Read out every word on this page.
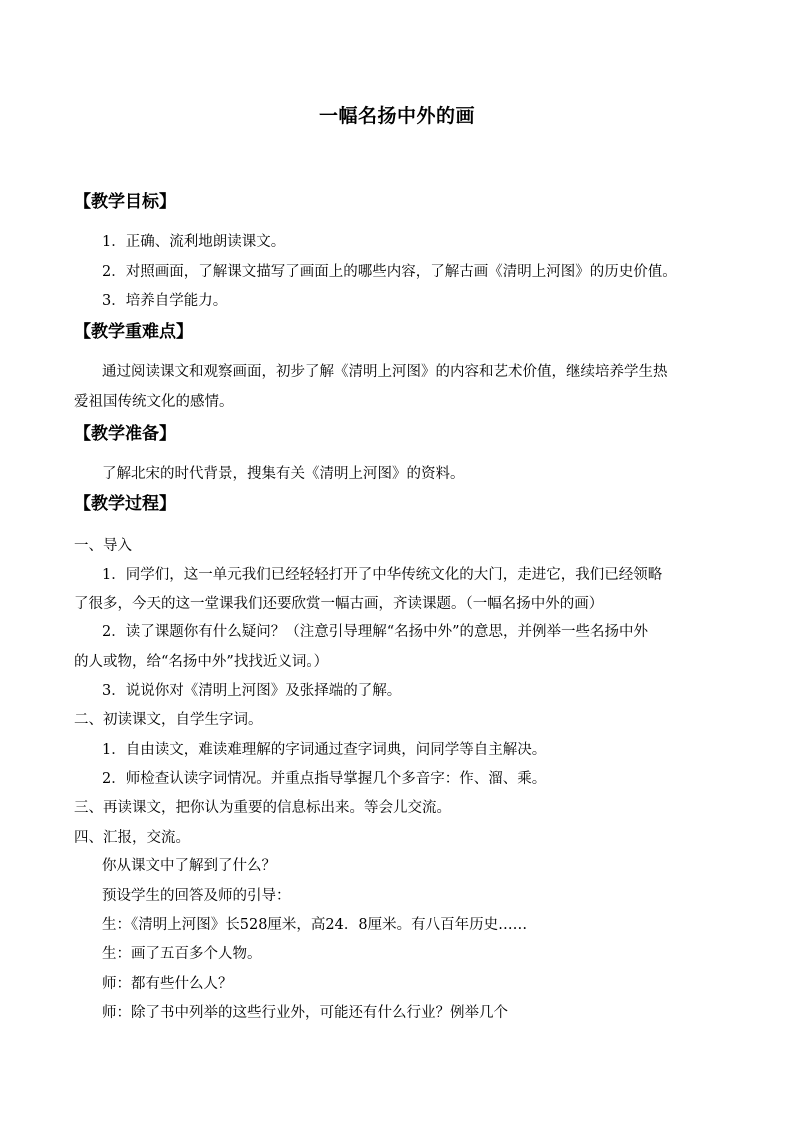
一幅名扬中外的画
【教学目标】
1．正确、流利地朗读课文。
2．对照画面，了解课文描写了画面上的哪些内容，了解古画《清明上河图》的历史价值。
3．培养自学能力。
【教学重难点】
通过阅读课文和观察画面，初步了解《清明上河图》的内容和艺术价值，继续培养学生热
爱祖国传统文化的感情。
【教学准备】
了解北宋的时代背景，搜集有关《清明上河图》的资料。
【教学过程】
一、导入
1．同学们，这一单元我们已经轻轻打开了中华传统文化的大门，走进它，我们已经领略
了很多，今天的这一堂课我们还要欣赏一幅古画，齐读课题。（一幅名扬中外的画）
2．读了课题你有什么疑问？（注意引导理解“名扬中外”的意思，并例举一些名扬中外
的人或物，给“名扬中外”找找近义词。）
3．说说你对《清明上河图》及张择端的了解。
二、初读课文，自学生字词。
1．自由读文，难读难理解的字词通过查字词典，问同学等自主解决。
2．师检查认读字词情况。并重点指导掌握几个多音字：作、溜、乘。
三、再读课文，把你认为重要的信息标出来。等会儿交流。
四、汇报，交流。
你从课文中了解到了什么？
预设学生的回答及师的引导：
生：《清明上河图》长528厘米，高24．8厘米。有八百年历史……
生：画了五百多个人物。
师：都有些什么人？
师：除了书中列举的这些行业外，可能还有什么行业？例举几个
